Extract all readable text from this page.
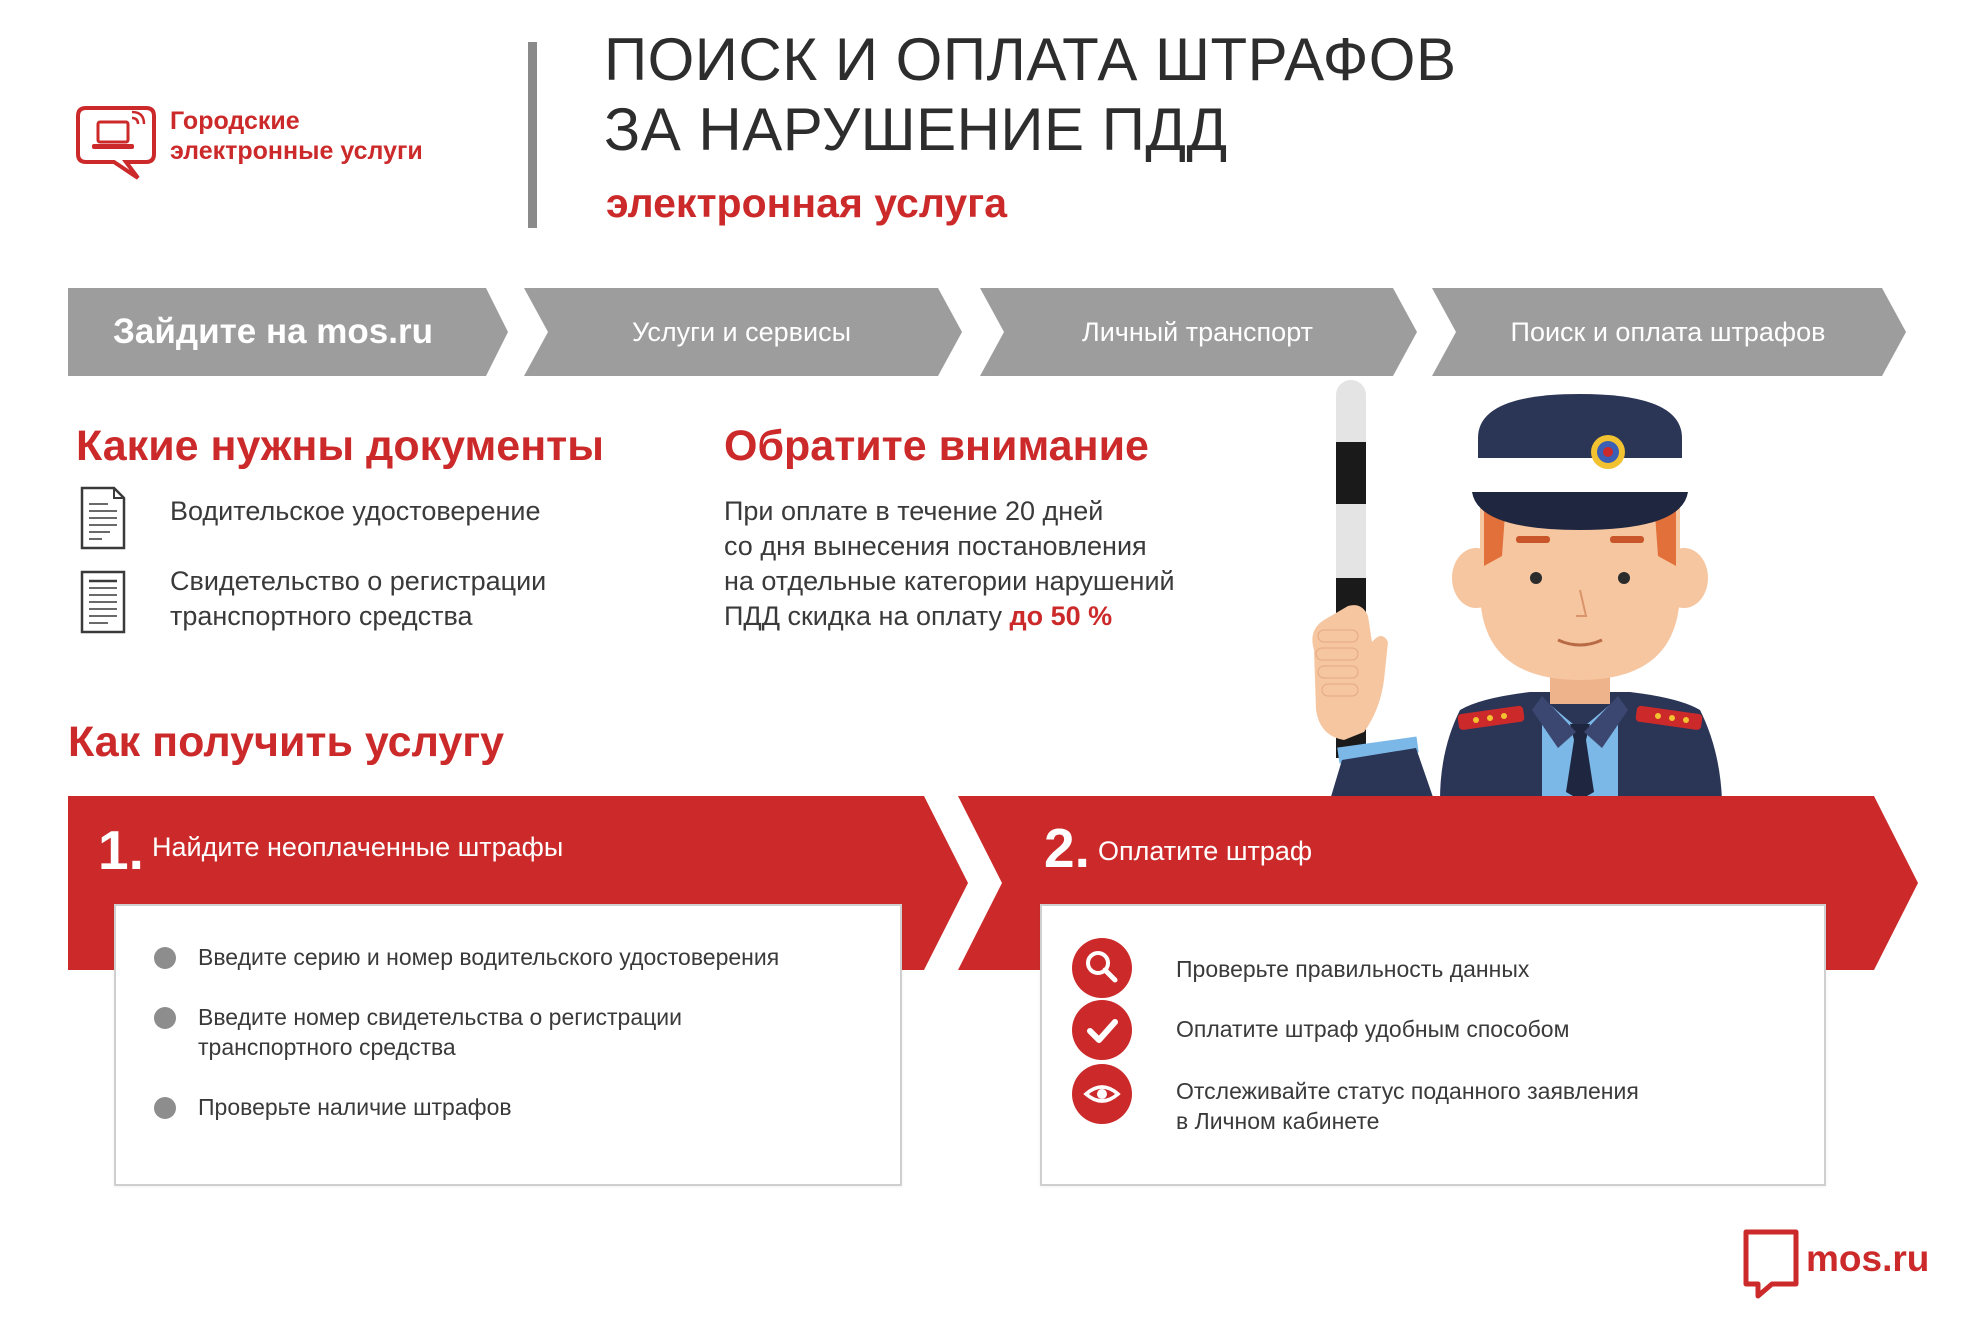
Городские
электронные услуги
ПОИСК И ОПЛАТА ШТРАФОВ
ЗА НАРУШЕНИЕ ПДД
электронная услуга
Зайдите на mos.ru	Услуги и сервисы	Личный транспорт	Поиск и оплата штрафов
Какие нужны документы
Водительское удостоверение
Свидетельство о регистрации
транспортного средства
Обратите внимание
При оплате в течение 20 дней
со дня вынесения постановления
на отдельные категории нарушений
ПДД скидка на оплату до 50 %
Как получить услугу
1. Найдите неоплаченные штрафы	2. Оплатите штраф
Введите серию и номер водительского удостоверения
Введите номер свидетельства о регистрации
транспортного средства
Проверьте наличие штрафов
Проверьте правильность данных
Оплатите штраф удобным способом
Отслеживайте статус поданного заявления
в Личном кабинете
mos.ru
